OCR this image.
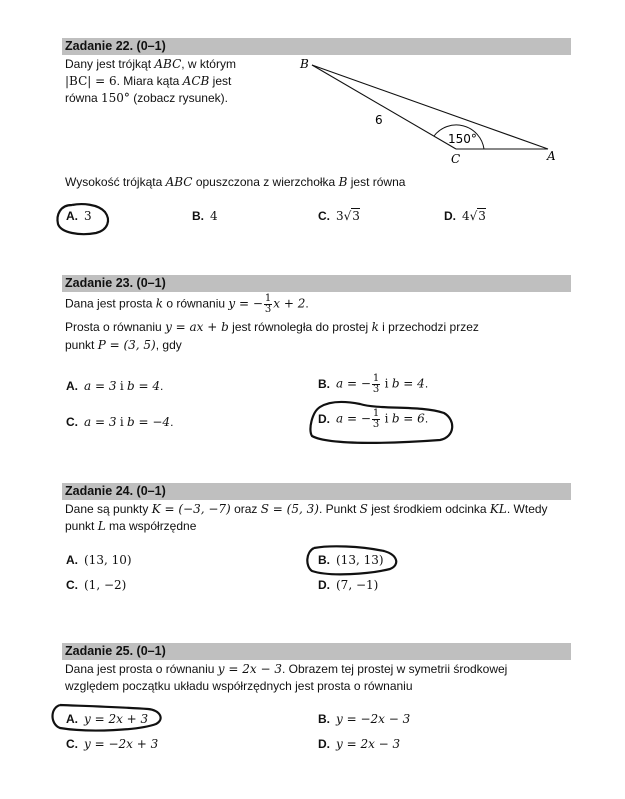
Zadanie 22. (0–1)
Dany jest trójkąt ABC, w którym
|BC| = 6. Miara kąta ACB jest
równa 150° (zobacz rysunek).
B
C	A
6
150°
Wysokość trójkąta ABC opuszczona z wierzchołka B jest równa
A. 3	B. 4	C. 3√3	D. 4√3
Zadanie 23. (0–1)
Dana jest prosta k o równaniu y = − $\frac{1}{3}$ x + 2.
Prosta o równaniu y = ax + b jest równoległa do prostej k i przechodzi przez
punkt P = (3, 5), gdy
A. a = 3 i b = 4.	B. a = − $\frac{1}{3}$ i b = 4.
C. a = 3 i b = −4.	D. a = − $\frac{1}{3}$ i b = 6.
Zadanie 24. (0–1)
Dane są punkty K = (−3, −7) oraz S = (5, 3). Punkt S jest środkiem odcinka KL. Wtedy
punkt L ma współrzędne
A. (13, 10)	B. (13, 13)
C. (1, −2)	D. (7, −1)
Zadanie 25. (0–1)
Dana jest prosta o równaniu y = 2x − 3. Obrazem tej prostej w symetrii środkowej
względem początku układu współrzędnych jest prosta o równaniu
A. y = 2x + 3	B. y = −2x − 3
C. y = −2x + 3	D. y = 2x − 3
